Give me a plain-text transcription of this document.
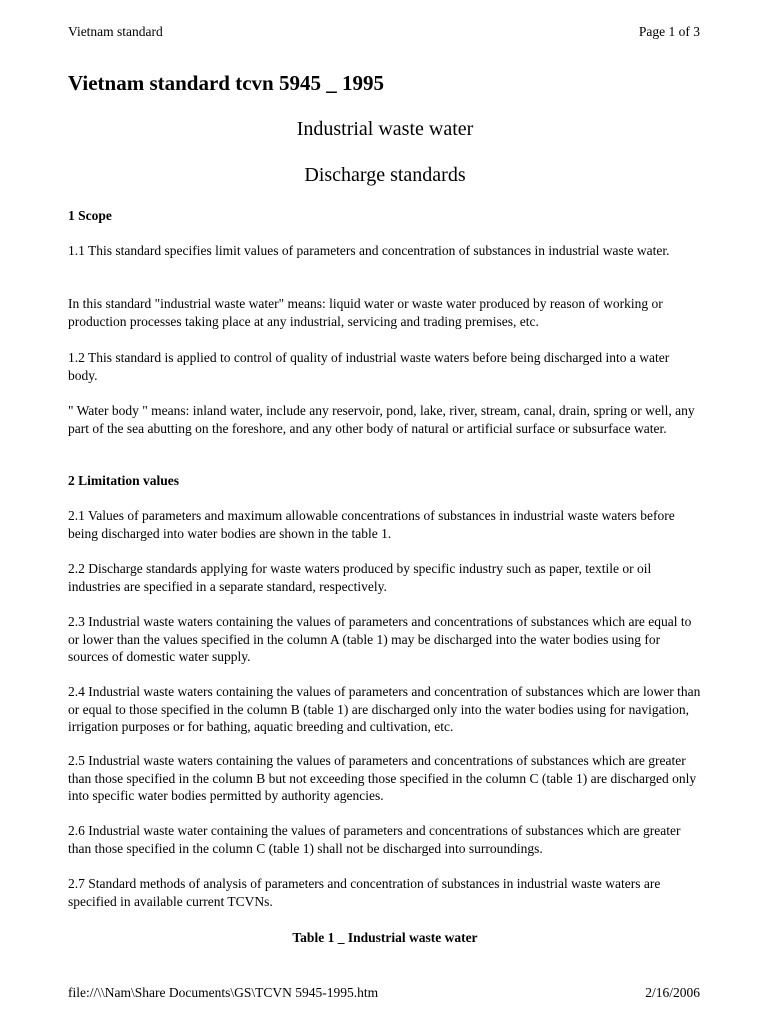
Vietnam standard	Page 1 of 3
Vietnam standard tcvn 5945 _ 1995
Industrial waste water
Discharge standards
1 Scope

1.1 This standard specifies limit values of parameters and concentration of substances in industrial waste water.

In this standard "industrial waste water" means: liquid water or waste water produced by reason of working or production processes taking place at any industrial, servicing and trading premises, etc.

1.2 This standard is applied to control of quality of industrial waste waters before being discharged into a water body.

" Water body " means: inland water, include any reservoir, pond, lake, river, stream, canal, drain, spring or well, any part of the sea abutting on the foreshore, and any other body of natural or artificial surface or subsurface water.

2 Limitation values

2.1 Values of parameters and maximum allowable concentrations of substances in industrial waste waters before being discharged into water bodies are shown in the table 1.

2.2 Discharge standards applying for waste waters produced by specific industry such as paper, textile or oil industries are specified in a separate standard, respectively.

2.3 Industrial waste waters containing the values of parameters and concentrations of substances which are equal to or lower than the values specified in the column A (table 1) may be discharged into the water bodies using for sources of domestic water supply.

2.4 Industrial waste waters containing the values of parameters and concentration of substances which are lower than or equal to those specified in the column B (table 1) are discharged only into the water bodies using for navigation, irrigation purposes or for bathing, aquatic breeding and cultivation, etc.

2.5 Industrial waste waters containing the values of parameters and concentrations of substances which are greater than those specified in the column B but not exceeding those specified in the column C (table 1) are discharged only into specific water bodies permitted by authority agencies.

2.6 Industrial waste water containing the values of parameters and concentrations of substances which are greater than those specified in the column C (table 1) shall not be discharged into surroundings.

2.7 Standard methods of analysis of parameters and concentration of substances in industrial waste waters are specified in available current TCVNs.

Table 1 _ Industrial waste water

file://\\Nam\Share Documents\GS\TCVN 5945-1995.htm	2/16/2006
